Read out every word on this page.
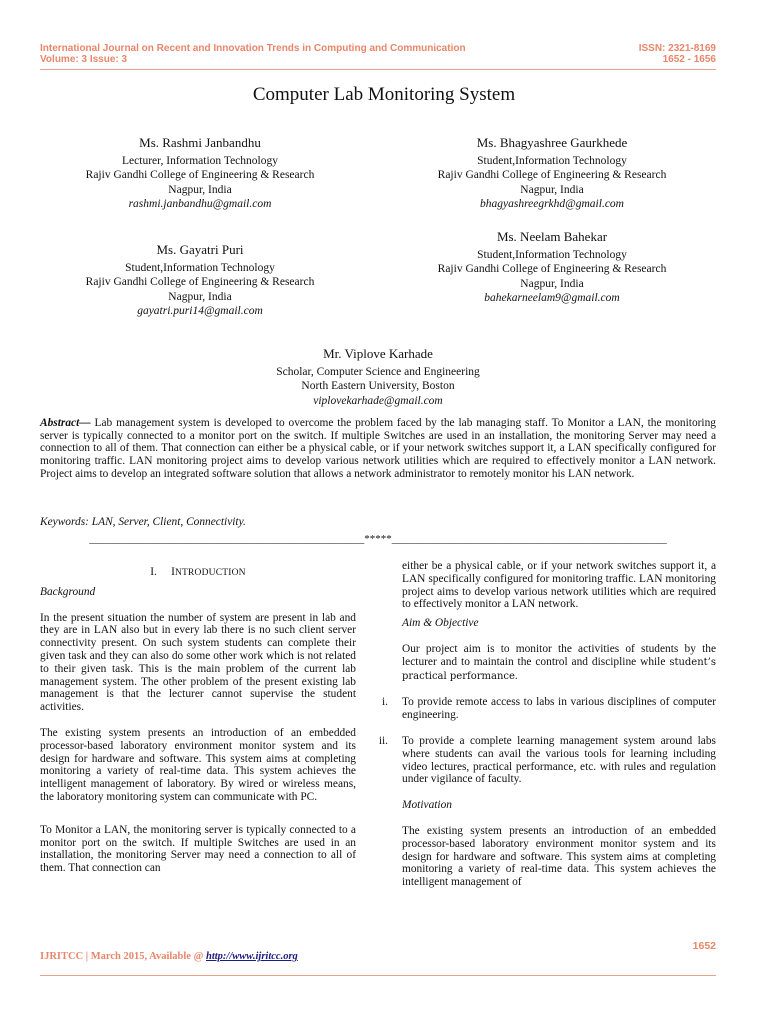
International Journal on Recent and Innovation Trends in Computing and Communication
Volume: 3 Issue: 3
ISSN: 2321-8169
1652 - 1656
Computer Lab Monitoring System
Ms. Rashmi Janbandhu
Lecturer, Information Technology
Rajiv Gandhi College of Engineering & Research
Nagpur, India
rashmi.janbandhu@gmail.com
Ms. Bhagyashree Gaurkhede
Student,Information Technology
Rajiv Gandhi College of Engineering & Research
Nagpur, India
bhagyashreegrkhd@gmail.com
Ms. Gayatri Puri
Student,Information Technology
Rajiv Gandhi College of Engineering & Research
Nagpur, India
gayatri.puri14@gmail.com
Ms. Neelam Bahekar
Student,Information Technology
Rajiv Gandhi College of Engineering & Research
Nagpur, India
bahekarneelam9@gmail.com
Mr. Viplove Karhade
Scholar, Computer Science and Engineering
North Eastern University, Boston
viplovekarhade@gmail.com
Abstract— Lab management system is developed to overcome the problem faced by the lab managing staff. To Monitor a LAN, the monitoring server is typically connected to a monitor port on the switch. If multiple Switches are used in an installation, the monitoring Server may need a connection to all of them. That connection can either be a physical cable, or if your network switches support it, a LAN specifically configured for monitoring traffic. LAN monitoring project aims to develop various network utilities which are required to effectively monitor a LAN network. Project aims to develop an integrated software solution that allows a network administrator to remotely monitor his LAN network.
Keywords: LAN, Server, Client, Connectivity.
__________________________________________________*****__________________________________________________
I. INTRODUCTION
Background

In the present situation the number of system are present in lab and they are in LAN also but in every lab there is no such client server connectivity present. On such system students can complete their given task and they can also do some other work which is not related to their given task. This is the main problem of the current lab management system. The other problem of the present existing lab management is that the lecturer cannot supervise the student activities.

The existing system presents an introduction of an embedded processor-based laboratory environment monitor system and its design for hardware and software. This system aims at completing monitoring a variety of real-time data. This system achieves the intelligent management of laboratory. By wired or wireless means, the laboratory monitoring system can communicate with PC.

To Monitor a LAN, the monitoring server is typically connected to a monitor port on the switch. If multiple Switches are used in an installation, the monitoring Server may need a connection to all of them. That connection can

either be a physical cable, or if your network switches support it, a LAN specifically configured for monitoring traffic. LAN monitoring project aims to develop various network utilities which are required to effectively monitor a LAN network.

Aim & Objective

Our project aim is to monitor the activities of students by the lecturer and to maintain the control and discipline while student’s practical performance.

i. To provide remote access to labs in various disciplines of computer engineering.
ii. To provide a complete learning management system around labs where students can avail the various tools for learning including video lectures, practical performance, etc. with rules and regulation under vigilance of faculty.
Motivation

The existing system presents an introduction of an embedded processor-based laboratory environment monitor system and its design for hardware and software. This system aims at completing monitoring a variety of real-time data. This system achieves the intelligent management of

1652
IJRITCC | March 2015, Available @ http://www.ijritcc.org
